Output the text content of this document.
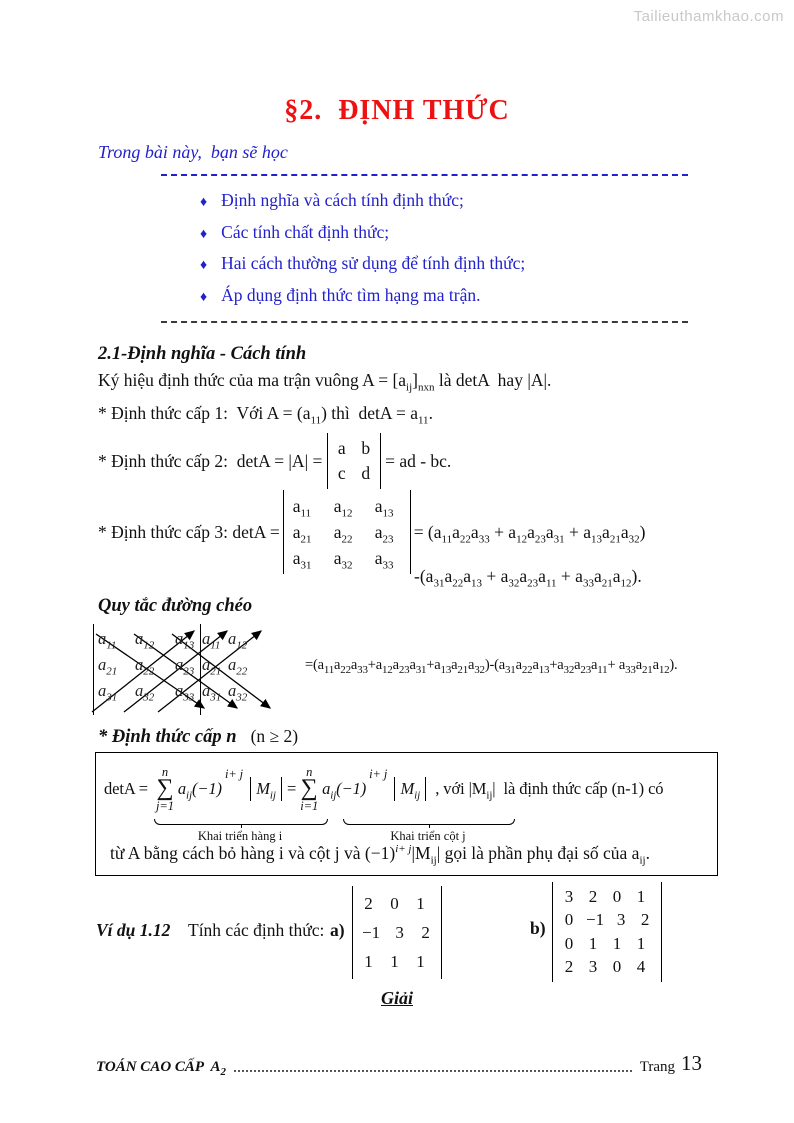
Tailieuthamkhao.com
§2.  ĐỊNH THỨC
Trong bài này,  bạn sẽ học
♦ Định nghĩa và cách tính định thức;
♦ Các tính chất định thức;
♦ Hai cách thường sử dụng để tính định thức;
♦ Áp dụng định thức tìm hạng ma trận.
2.1-Định nghĩa - Cách tính
Ký hiệu định thức của ma trận vuông $A = [a_{ij}]_{nxn}$ là detA  hay |A|.
* Định thức cấp 1:  Với $A = (a_{11})$ thì  $\det A = a_{11}$.
* Định thức cấp 2:  detA = |A| =
a b
c d
= ad - bc.
* Định thức cấp 3: detA =
$a_{11}$	$a_{12}$	$a_{13}$
$a_{21}$	$a_{22}$	$a_{23}$
$a_{31}$	$a_{32}$	$a_{33}$
= $(a_{11}a_{22}a_{33} + a_{12}a_{23}a_{31} + a_{13}a_{21}a_{32})$
$-(a_{31}a_{22}a_{13} + a_{32}a_{23}a_{11} + a_{33}a_{21}a_{12})$.
Quy tắc đường chéo
$a_{11}$	$a_{12}$	$a_{13}$ $a_{11}$ $a_{12}$
$a_{21}$	$a_{22}$	$a_{23}$ $a_{21}$ $a_{22}$
$a_{31}$	$a_{32}$	$a_{33}$ $a_{31}$ $a_{32}$
$=(a_{11}a_{22}a_{33}+a_{12}a_{23}a_{31}+a_{13}a_{21}a_{32})-(a_{31}a_{22}a_{13}+a_{32}a_{23}a_{11}+ a_{33}a_{21}a_{12})$.
* Định thức cấp n (n ≥ 2)
detA =
n
∑
j=1
$a_{ij}(-1)$
i+ j
$M_{ij}$ =
n
∑
i=1
$a_{ij}(-1)$
i+ j
$M_{ij}$ , với $|M_{ij}|$  là định thức cấp (n-1) có
Khai triển hàng i	Khai triển cột j
từ A bằng cách bỏ hàng i và cột j và $(-1)^{i+ j}|M_{ij}|$ gọi là phần phụ đại số của $a_{ij}$.
Ví dụ 1.12 Tính các định thức: a)
2 0 1
−1 3 2
1 1 1
b)
3 2 0 1
0 −1 3 2
0 1 1 1
2 3 0 4
Giải
TOÁN CAO CẤP  $A_2$	Trang 13
